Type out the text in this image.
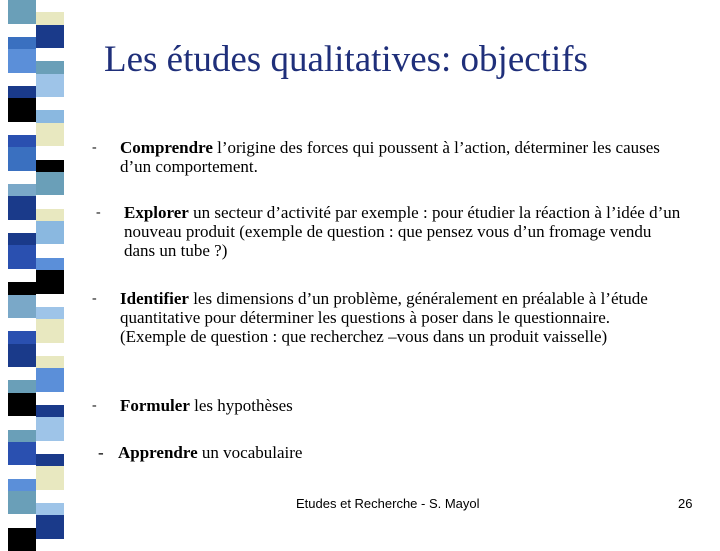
Les études qualitatives: objectifs
- Comprendre l’origine des forces qui poussent à l’action, déterminer les causes d’un comportement.
- Explorer un secteur d’activité par exemple : pour étudier la réaction à l’idée d’un nouveau produit (exemple de question : que pensez vous d’un fromage vendu dans un tube ?)
- Identifier les dimensions d’un problème, généralement en préalable à l’étude quantitative pour déterminer les questions à poser dans le questionnaire. (Exemple de question : que recherchez –vous dans un produit vaisselle)
- Formuler les hypothèses
- Apprendre un vocabulaire
Etudes et Recherche - S. Mayol	26
